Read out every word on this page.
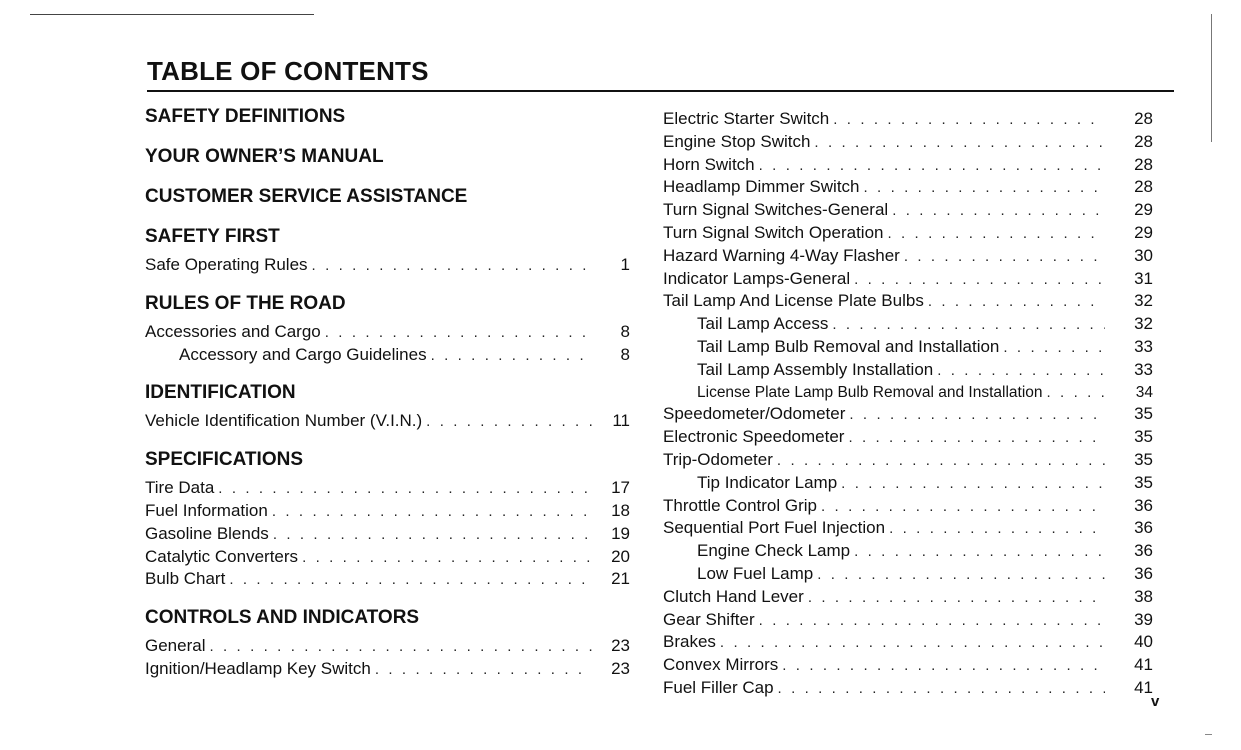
TABLE OF CONTENTS
SAFETY DEFINITIONS
YOUR OWNER’S MANUAL
CUSTOMER SERVICE ASSISTANCE
SAFETY FIRST
Safe Operating Rules . . .	1
RULES OF THE ROAD
Accessories and Cargo . . .	8
Accessory and Cargo Guidelines . . .	8
IDENTIFICATION
Vehicle Identification Number (V.I.N.) . . .	11
SPECIFICATIONS
Tire Data . . .	17
Fuel Information . . .	18
Gasoline Blends . . .	19
Catalytic Converters . . .	20
Bulb Chart . . .	21
CONTROLS AND INDICATORS
General . . .	23
Ignition/Headlamp Key Switch . . .	23
Electric Starter Switch . . .	28
Engine Stop Switch . . .	28
Horn Switch . . .	28
Headlamp Dimmer Switch . . .	28
Turn Signal Switches-General . . .	29
Turn Signal Switch Operation . . .	29
Hazard Warning 4-Way Flasher . . .	30
Indicator Lamps-General . . .	31
Tail Lamp And License Plate Bulbs . . .	32
Tail Lamp Access . . .	32
Tail Lamp Bulb Removal and Installation . . .	33
Tail Lamp Assembly Installation . . .	33
License Plate Lamp Bulb Removal and Installation . . .	34
Speedometer/Odometer . . .	35
Electronic Speedometer . . .	35
Trip-Odometer . . .	35
Tip Indicator Lamp . . .	35
Throttle Control Grip . . .	36
Sequential Port Fuel Injection . . .	36
Engine Check Lamp . . .	36
Low Fuel Lamp . . .	36
Clutch Hand Lever . . .	38
Gear Shifter . . .	39
Brakes . . .	40
Convex Mirrors . . .	41
Fuel Filler Cap . . .	41
v
